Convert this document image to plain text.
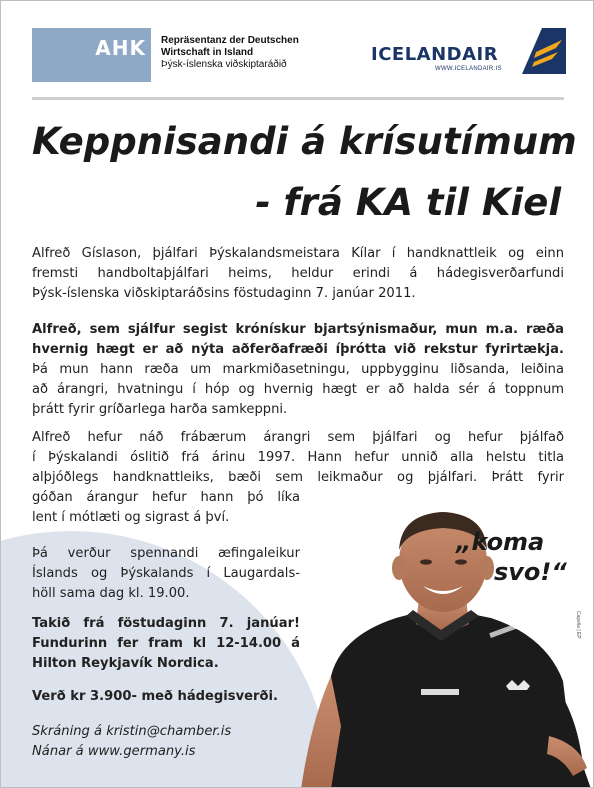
AHK Repräsentanz der Deutschen
Wirtschaft in Island
Þýsk-íslenska viðskiptaráðið	ICELANDAIR
WWW.ICELANDAIR.IS
Keppnisandi á krísutímum
- frá KA til Kiel
Alfreð Gíslason, þjálfari Þýskalandsmeistara Kílar í handknattleik og einn
fremsti handboltaþjálfari heims, heldur erindi á hádegisverðarfundi
Þýsk-íslenska viðskiptaráðsins föstudaginn 7. janúar 2011.
Alfreð, sem sjálfur segist krónískur bjartsýnismaður, mun m.a. ræða
hvernig hægt er að nýta aðferðafræði íþrótta við rekstur fyrirtækja.
Þá mun hann ræða um markmiðasetningu, uppbygginu liðsanda, leiðina
að árangri, hvatningu í hóp og hvernig hægt er að halda sér á toppnum
þrátt fyrir gríðarlega harða samkeppni.
Alfreð hefur náð frábærum árangri sem þjálfari og hefur þjálfað
í Þýskalandi óslitið frá árinu 1997. Hann hefur unnið alla helstu titla
alþjóðlegs handknattleiks, bæði sem leikmaður og þjálfari. Þrátt fyrir
góðan árangur hefur hann þó líka
lent í mótlæti og sigrast á því.
Capella | EP
„koma
svo!“
Þá verður spennandi æfingaleikur
Íslands og Þýskalands í Laugardals-
höll sama dag kl. 19.00.
Takið frá föstudaginn 7. janúar!
Fundurinn fer fram kl 12-14.00 á
Hilton Reykjavík Nordica.
Verð kr 3.900- með hádegisverði.
Skráning á kristin@chamber.is
Nánar á www.germany.is
